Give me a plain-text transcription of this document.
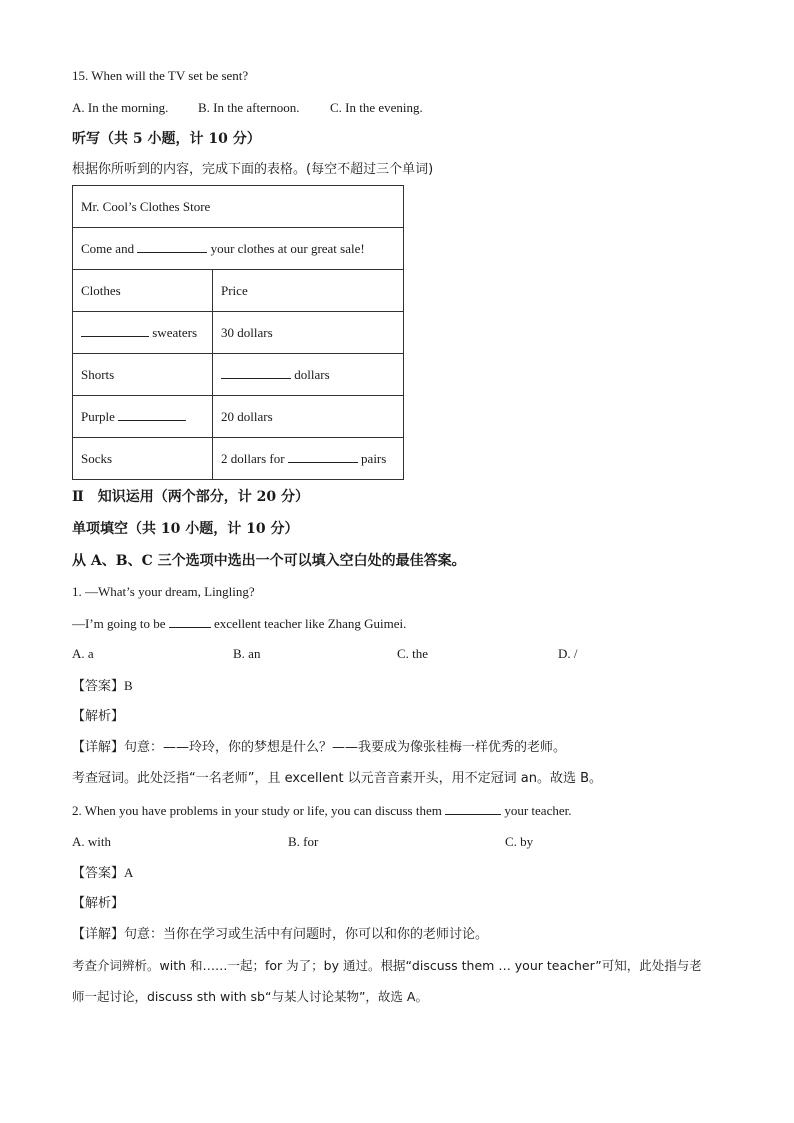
15. When will the TV set be sent?
A. In the morning. B. In the afternoon. C. In the evening.
听写（共 5 小题，计 10 分）
根据你所听到的内容，完成下面的表格。(每空不超过三个单词)
Mr. Cool’s Clothes Store	
Come and your clothes at our great sale!	
Clothes	Price
sweaters	30 dollars
Shorts	dollars
Purple	20 dollars
Socks	2 dollars for pairs
Ⅱ　知识运用（两个部分，计 20 分）
单项填空（共 10 小题，计 10 分）
从 A、B、C 三个选项中选出一个可以填入空白处的最佳答案。
1. —What’s your dream, Lingling?
—I’m going to be	excellent teacher like Zhang Guimei.
A. a	B. an	C. the	D. /
【答案】B
【解析】
【详解】句意：——玲玲，你的梦想是什么？——我要成为像张桂梅一样优秀的老师。
考查冠词。此处泛指“一名老师”，且 excellent 以元音音素开头，用不定冠词 an。故选 B。
2. When you have problems in your study or life, you can discuss them	your teacher.
A. with	B. for	C. by
【答案】A
【解析】
【详解】句意：当你在学习或生活中有问题时，你可以和你的老师讨论。
考查介词辨析。with 和……一起；for 为了；by 通过。根据“discuss them … your teacher”可知，此处指与老
师一起讨论，discuss sth with sb“与某人讨论某物”，故选 A。
